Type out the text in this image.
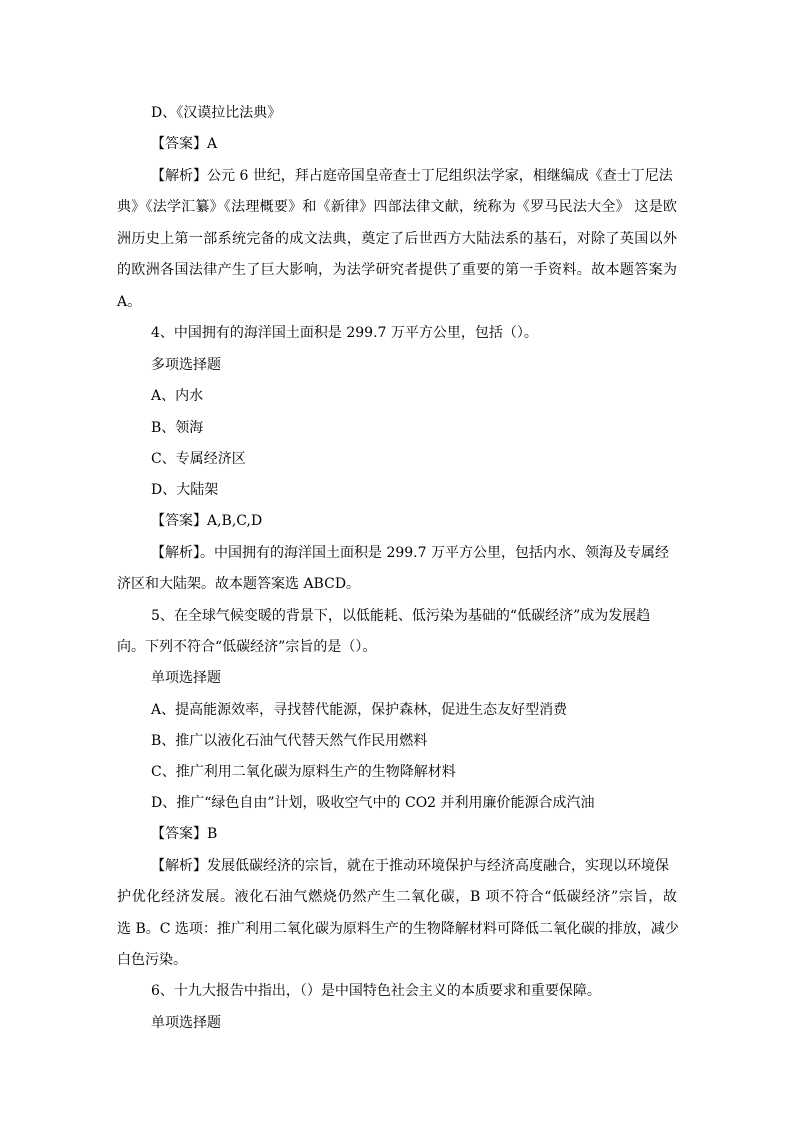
D、《汉谟拉比法典》
【答案】A
【解析】公元 6 世纪，拜占庭帝国皇帝查士丁尼组织法学家，相继编成《查士丁尼法
典》《法学汇纂》《法理概要》和《新律》四部法律文献，统称为《罗马民法大全》 这是欧
洲历史上第一部系统完备的成文法典，奠定了后世西方大陆法系的基石，对除了英国以外
的欧洲各国法律产生了巨大影响，为法学研究者提供了重要的第一手资料。故本题答案为
A。
4、中国拥有的海洋国土面积是 299.7 万平方公里，包括（）。
多项选择题
A、内水
B、领海
C、专属经济区
D、大陆架
【答案】A,B,C,D
【解析】。中国拥有的海洋国土面积是 299.7 万平方公里，包括内水、领海及专属经
济区和大陆架。故本题答案选 ABCD。
5、在全球气候变暖的背景下，以低能耗、低污染为基础的“低碳经济”成为发展趋
向。下列不符合“低碳经济”宗旨的是（）。
单项选择题
A、提高能源效率，寻找替代能源，保护森林，促进生态友好型消费
B、推广以液化石油气代替天然气作民用燃料
C、推广利用二氧化碳为原料生产的生物降解材料
D、推广“绿色自由”计划，吸收空气中的 CO2 并利用廉价能源合成汽油
【答案】B
【解析】发展低碳经济的宗旨，就在于推动环境保护与经济高度融合，实现以环境保
护优化经济发展。液化石油气燃烧仍然产生二氧化碳，B 项不符合“低碳经济”宗旨，故
选 B。C 选项：推广利用二氧化碳为原料生产的生物降解材料可降低二氧化碳的排放，减少
白色污染。
6、十九大报告中指出，（）是中国特色社会主义的本质要求和重要保障。
单项选择题
